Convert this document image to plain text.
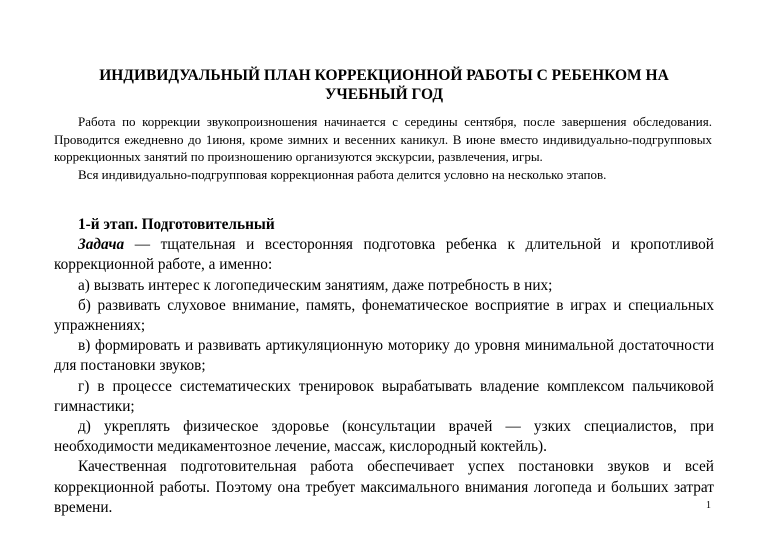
ИНДИВИДУАЛЬНЫЙ ПЛАН КОРРЕКЦИОННОЙ РАБОТЫ С РЕБЕНКОМ НА УЧЕБНЫЙ ГОД

Работа по коррекции звукопроизношения начинается с середины сентября, после завершения обследования. Проводится ежедневно до 1июня, кроме зимних и весенних каникул. В июне вместо индивидуально-подгрупповых коррекционных занятий по произношению организуются экскурсии, развлечения, игры.

Вся индивидуально-подгрупповая коррекционная работа делится условно на несколько этапов.

1-й этап. Подготовительный

Задача — тщательная и всесторонняя подготовка ребенка к длительной и кропотливой коррекционной работе, а именно:

а) вызвать интерес к логопедическим занятиям, даже потребность в них;

б) развивать слуховое внимание, память, фонематическое восприятие в играх и специальных упражнениях;

в) формировать и развивать артикуляционную моторику до уровня минимальной достаточности для постановки звуков;

г) в процессе систематических тренировок вырабатывать владение комплексом пальчиковой гимнастики;

д) укреплять физическое здоровье (консультации врачей — узких специалистов, при необходимости медикаментозное лечение, массаж, кислородный коктейль).

Качественная подготовительная работа обеспечивает успех постановки звуков и всей коррекционной работы. Поэтому она требует максимального внимания логопеда и больших затрат времени.	1
